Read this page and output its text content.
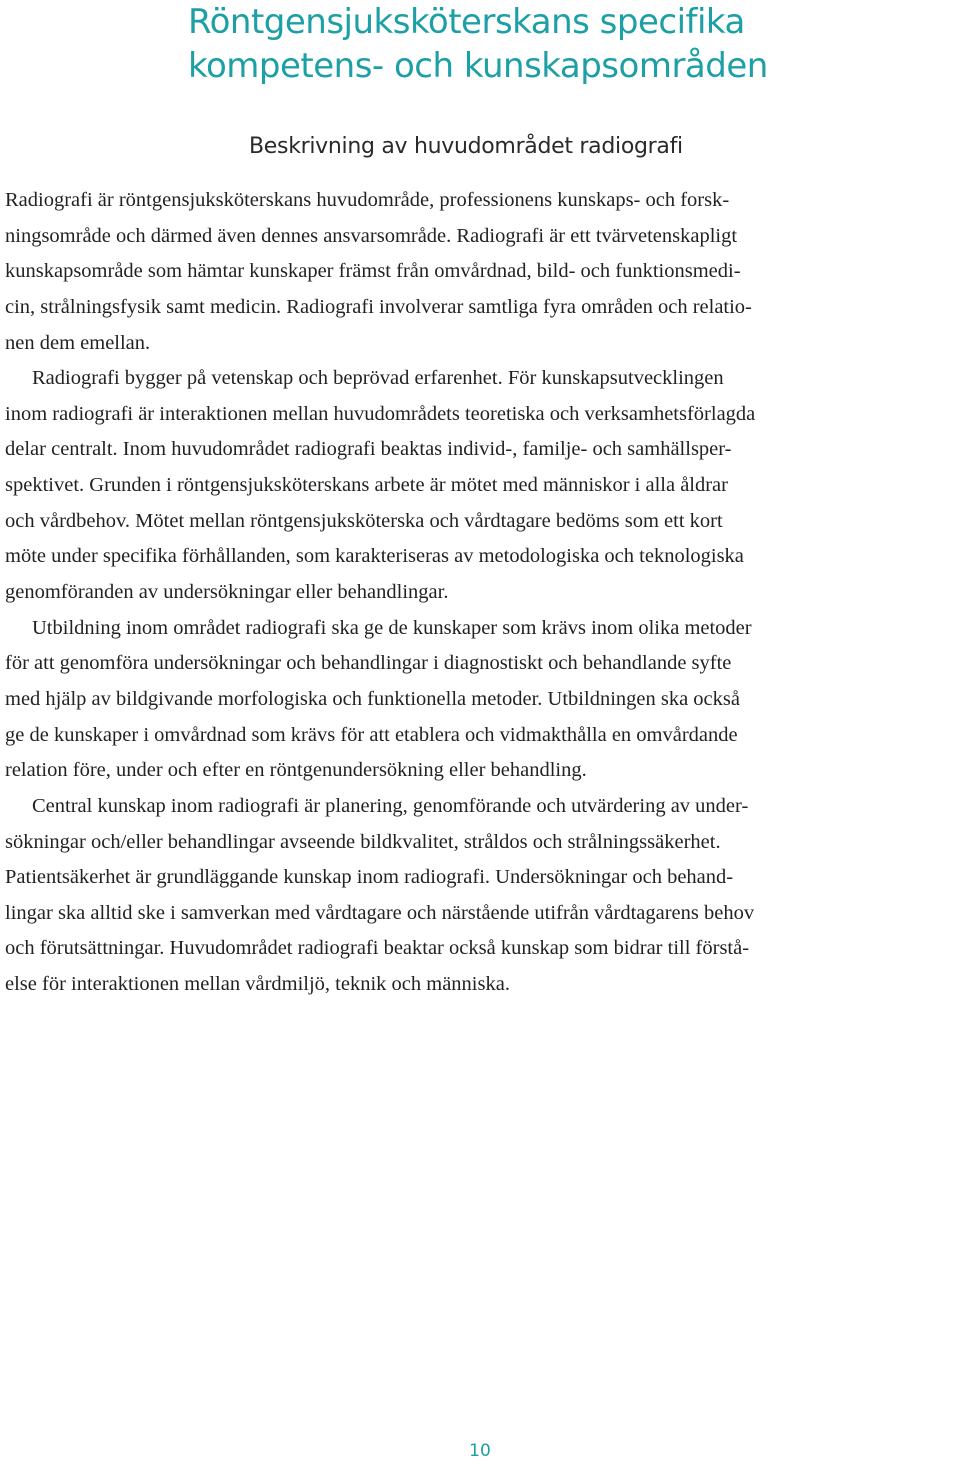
Röntgensjuksköterskans specifika
kompetens- och kunskapsområden
Beskrivning av huvudområdet radiografi
Radiografi är röntgensjuksköterskans huvudområde, professionens kunskaps- och forsk-
ningsområde och därmed även dennes ansvarsområde. Radiografi är ett tvärvetenskapligt
kunskapsområde som hämtar kunskaper främst från omvårdnad, bild- och funktionsmedi-
cin, strålningsfysik samt medicin. Radiografi involverar samtliga fyra områden och relatio-
nen dem emellan.
Radiografi bygger på vetenskap och beprövad erfarenhet. För kunskapsutvecklingen
inom radiografi är interaktionen mellan huvudområdets teoretiska och verksamhetsförlagda
delar centralt. Inom huvudområdet radiografi beaktas individ-, familje- och samhällsper-
spektivet. Grunden i röntgensjuksköterskans arbete är mötet med människor i alla åldrar
och vårdbehov. Mötet mellan röntgensjuksköterska och vårdtagare bedöms som ett kort
möte under specifika förhållanden, som karakteriseras av metodologiska och teknologiska
genomföranden av undersökningar eller behandlingar.
Utbildning inom området radiografi ska ge de kunskaper som krävs inom olika metoder
för att genomföra undersökningar och behandlingar i diagnostiskt och behandlande syfte
med hjälp av bildgivande morfologiska och funktionella metoder. Utbildningen ska också
ge de kunskaper i omvårdnad som krävs för att etablera och vidmakthålla en omvårdande
relation före, under och efter en röntgenundersökning eller behandling.
Central kunskap inom radiografi är planering, genomförande och utvärdering av under-
sökningar och/eller behandlingar avseende bildkvalitet, stråldos och strålningssäkerhet.
Patientsäkerhet är grundläggande kunskap inom radiografi. Undersökningar och behand-
lingar ska alltid ske i samverkan med vårdtagare och närstående utifrån vårdtagarens behov
och förutsättningar. Huvudområdet radiografi beaktar också kunskap som bidrar till förstå-
else för interaktionen mellan vårdmiljö, teknik och människa.
10
